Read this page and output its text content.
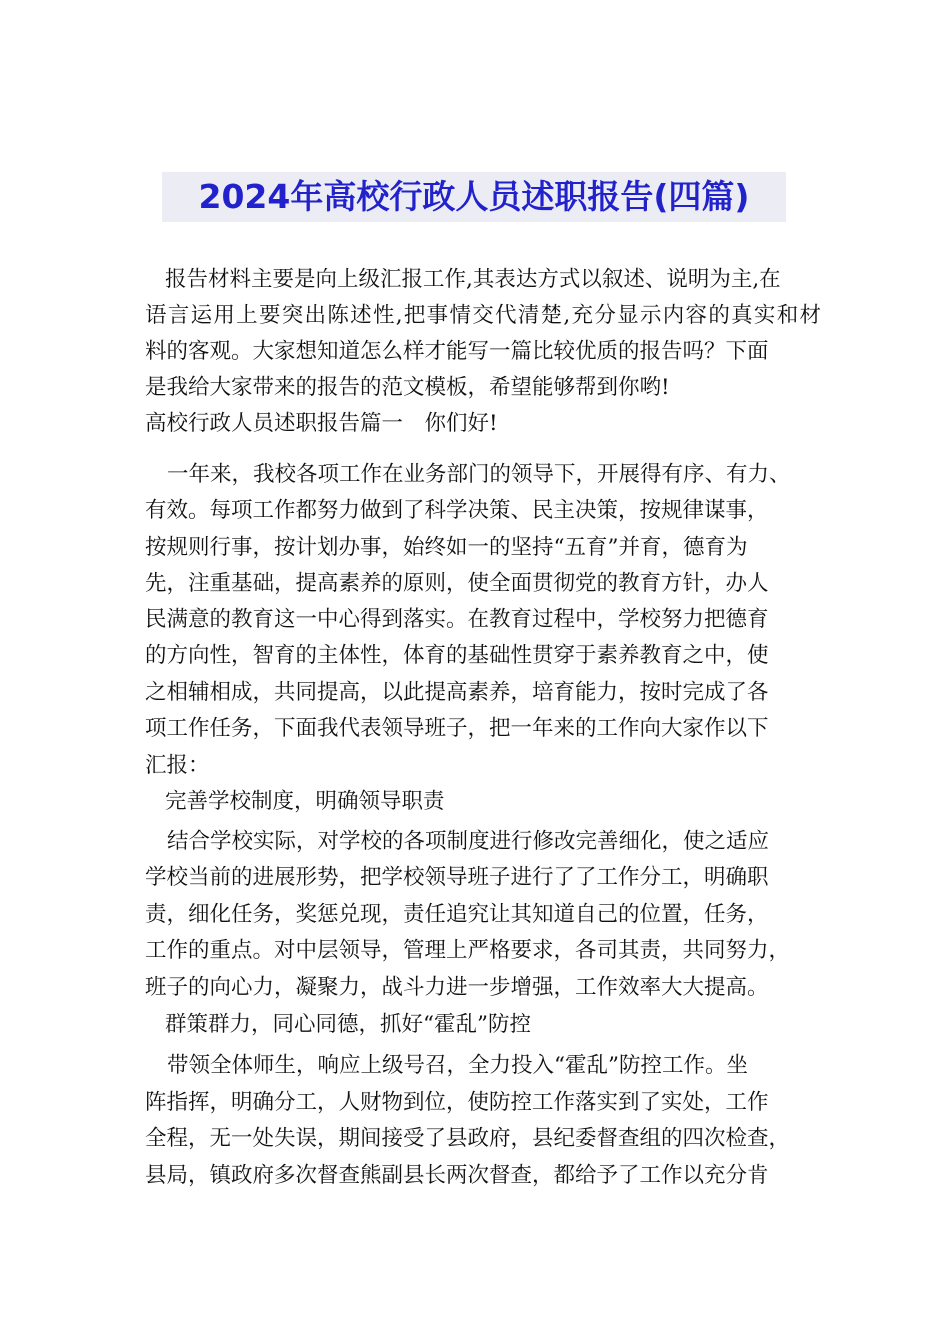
2024年高校行政人员述职报告(四篇)
报告材料主要是向上级汇报工作,其表达方式以叙述、说明为主,在
语言运用上要突出陈述性,把事情交代清楚,充分显示内容的真实和材
料的客观。大家想知道怎么样才能写一篇比较优质的报告吗？下面
是我给大家带来的报告的范文模板，希望能够帮到你哟!
高校行政人员述职报告篇一　你们好!
一年来，我校各项工作在业务部门的领导下，开展得有序、有力、
有效。每项工作都努力做到了科学决策、民主决策，按规律谋事，
按规则行事，按计划办事，始终如一的坚持“五育”并育，德育为
先，注重基础，提高素养的原则，使全面贯彻党的教育方针，办人
民满意的教育这一中心得到落实。在教育过程中，学校努力把德育
的方向性，智育的主体性，体育的基础性贯穿于素养教育之中，使
之相辅相成，共同提高，以此提高素养，培育能力，按时完成了各
项工作任务，下面我代表领导班子，把一年来的工作向大家作以下
汇报：
完善学校制度，明确领导职责
结合学校实际，对学校的各项制度进行修改完善细化，使之适应
学校当前的进展形势，把学校领导班子进行了了工作分工，明确职
责，细化任务，奖惩兑现，责任追究让其知道自己的位置，任务，
工作的重点。对中层领导，管理上严格要求，各司其责，共同努力，
班子的向心力，凝聚力，战斗力进一步增强，工作效率大大提高。
群策群力，同心同德，抓好“霍乱”防控
带领全体师生，响应上级号召，全力投入“霍乱”防控工作。坐
阵指挥，明确分工，人财物到位，使防控工作落实到了实处，工作
全程，无一处失误，期间接受了县政府，县纪委督查组的四次检查，
县局，镇政府多次督查熊副县长两次督查，都给予了工作以充分肯
